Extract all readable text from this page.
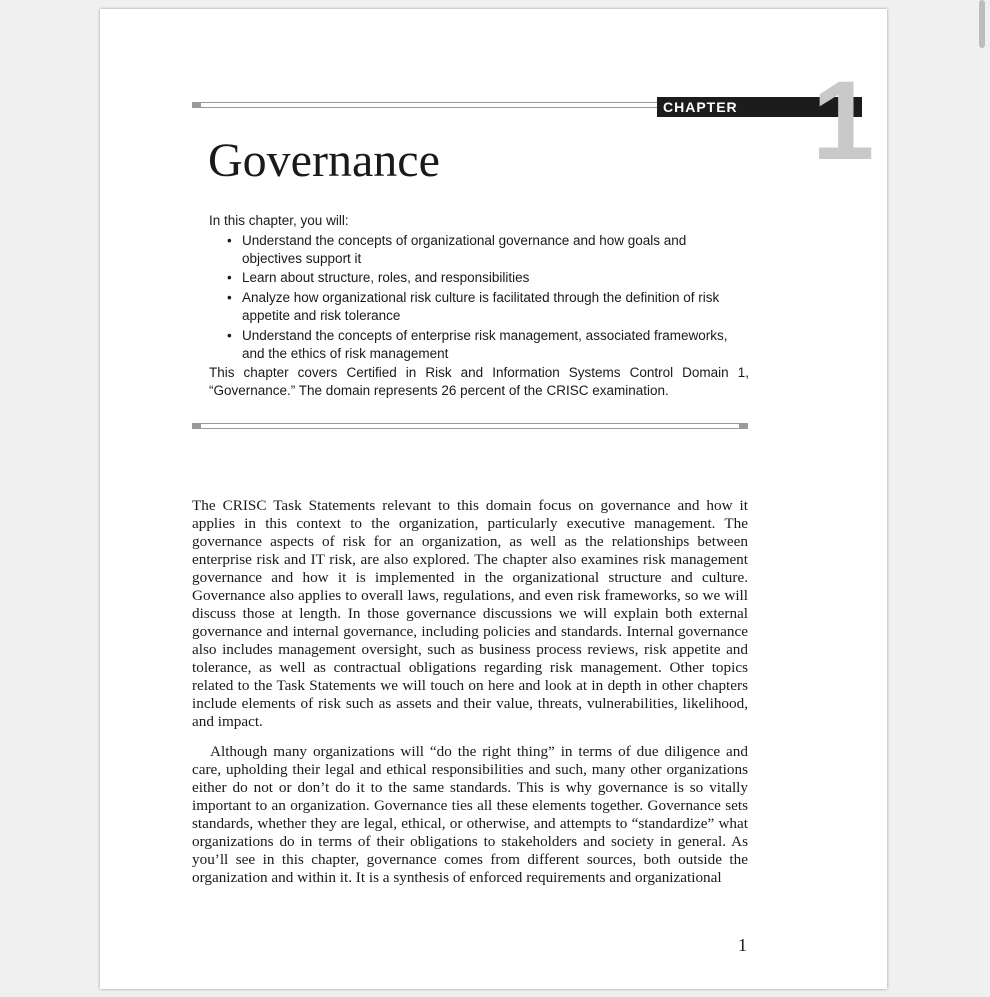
CHAPTER 1
Governance

In this chapter, you will:

• Understand the concepts of organizational governance and how goals and objectives support it
• Learn about structure, roles, and responsibilities
• Analyze how organizational risk culture is facilitated through the definition of risk appetite and risk tolerance
• Understand the concepts of enterprise risk management, associated frameworks, and the ethics of risk management

This chapter covers Certified in Risk and Information Systems Control Domain 1, “Governance.” The domain represents 26 percent of the CRISC examination.

The CRISC Task Statements relevant to this domain focus on governance and how it applies in this context to the organization, particularly executive management. The governance aspects of risk for an organization, as well as the relationships between enterprise risk and IT risk, are also explored. The chapter also examines risk management governance and how it is implemented in the organizational structure and culture. Governance also applies to overall laws, regulations, and even risk frameworks, so we will discuss those at length. In those governance discussions we will explain both external governance and internal governance, including policies and standards. Internal governance also includes management oversight, such as business process reviews, risk appetite and tolerance, as well as contractual obligations regarding risk management. Other topics related to the Task Statements we will touch on here and look at in depth in other chapters include elements of risk such as assets and their value, threats, vulnerabilities, likelihood, and impact.

Although many organizations will “do the right thing” in terms of due diligence and care, upholding their legal and ethical responsibilities and such, many other organizations either do not or don’t do it to the same standards. This is why governance is so vitally important to an organization. Governance ties all these elements together. Governance sets standards, whether they are legal, ethical, or otherwise, and attempts to “standardize” what organizations do in terms of their obligations to stakeholders and society in general. As you’ll see in this chapter, governance comes from different sources, both outside the organization and within it. It is a synthesis of enforced requirements and organizational

1
